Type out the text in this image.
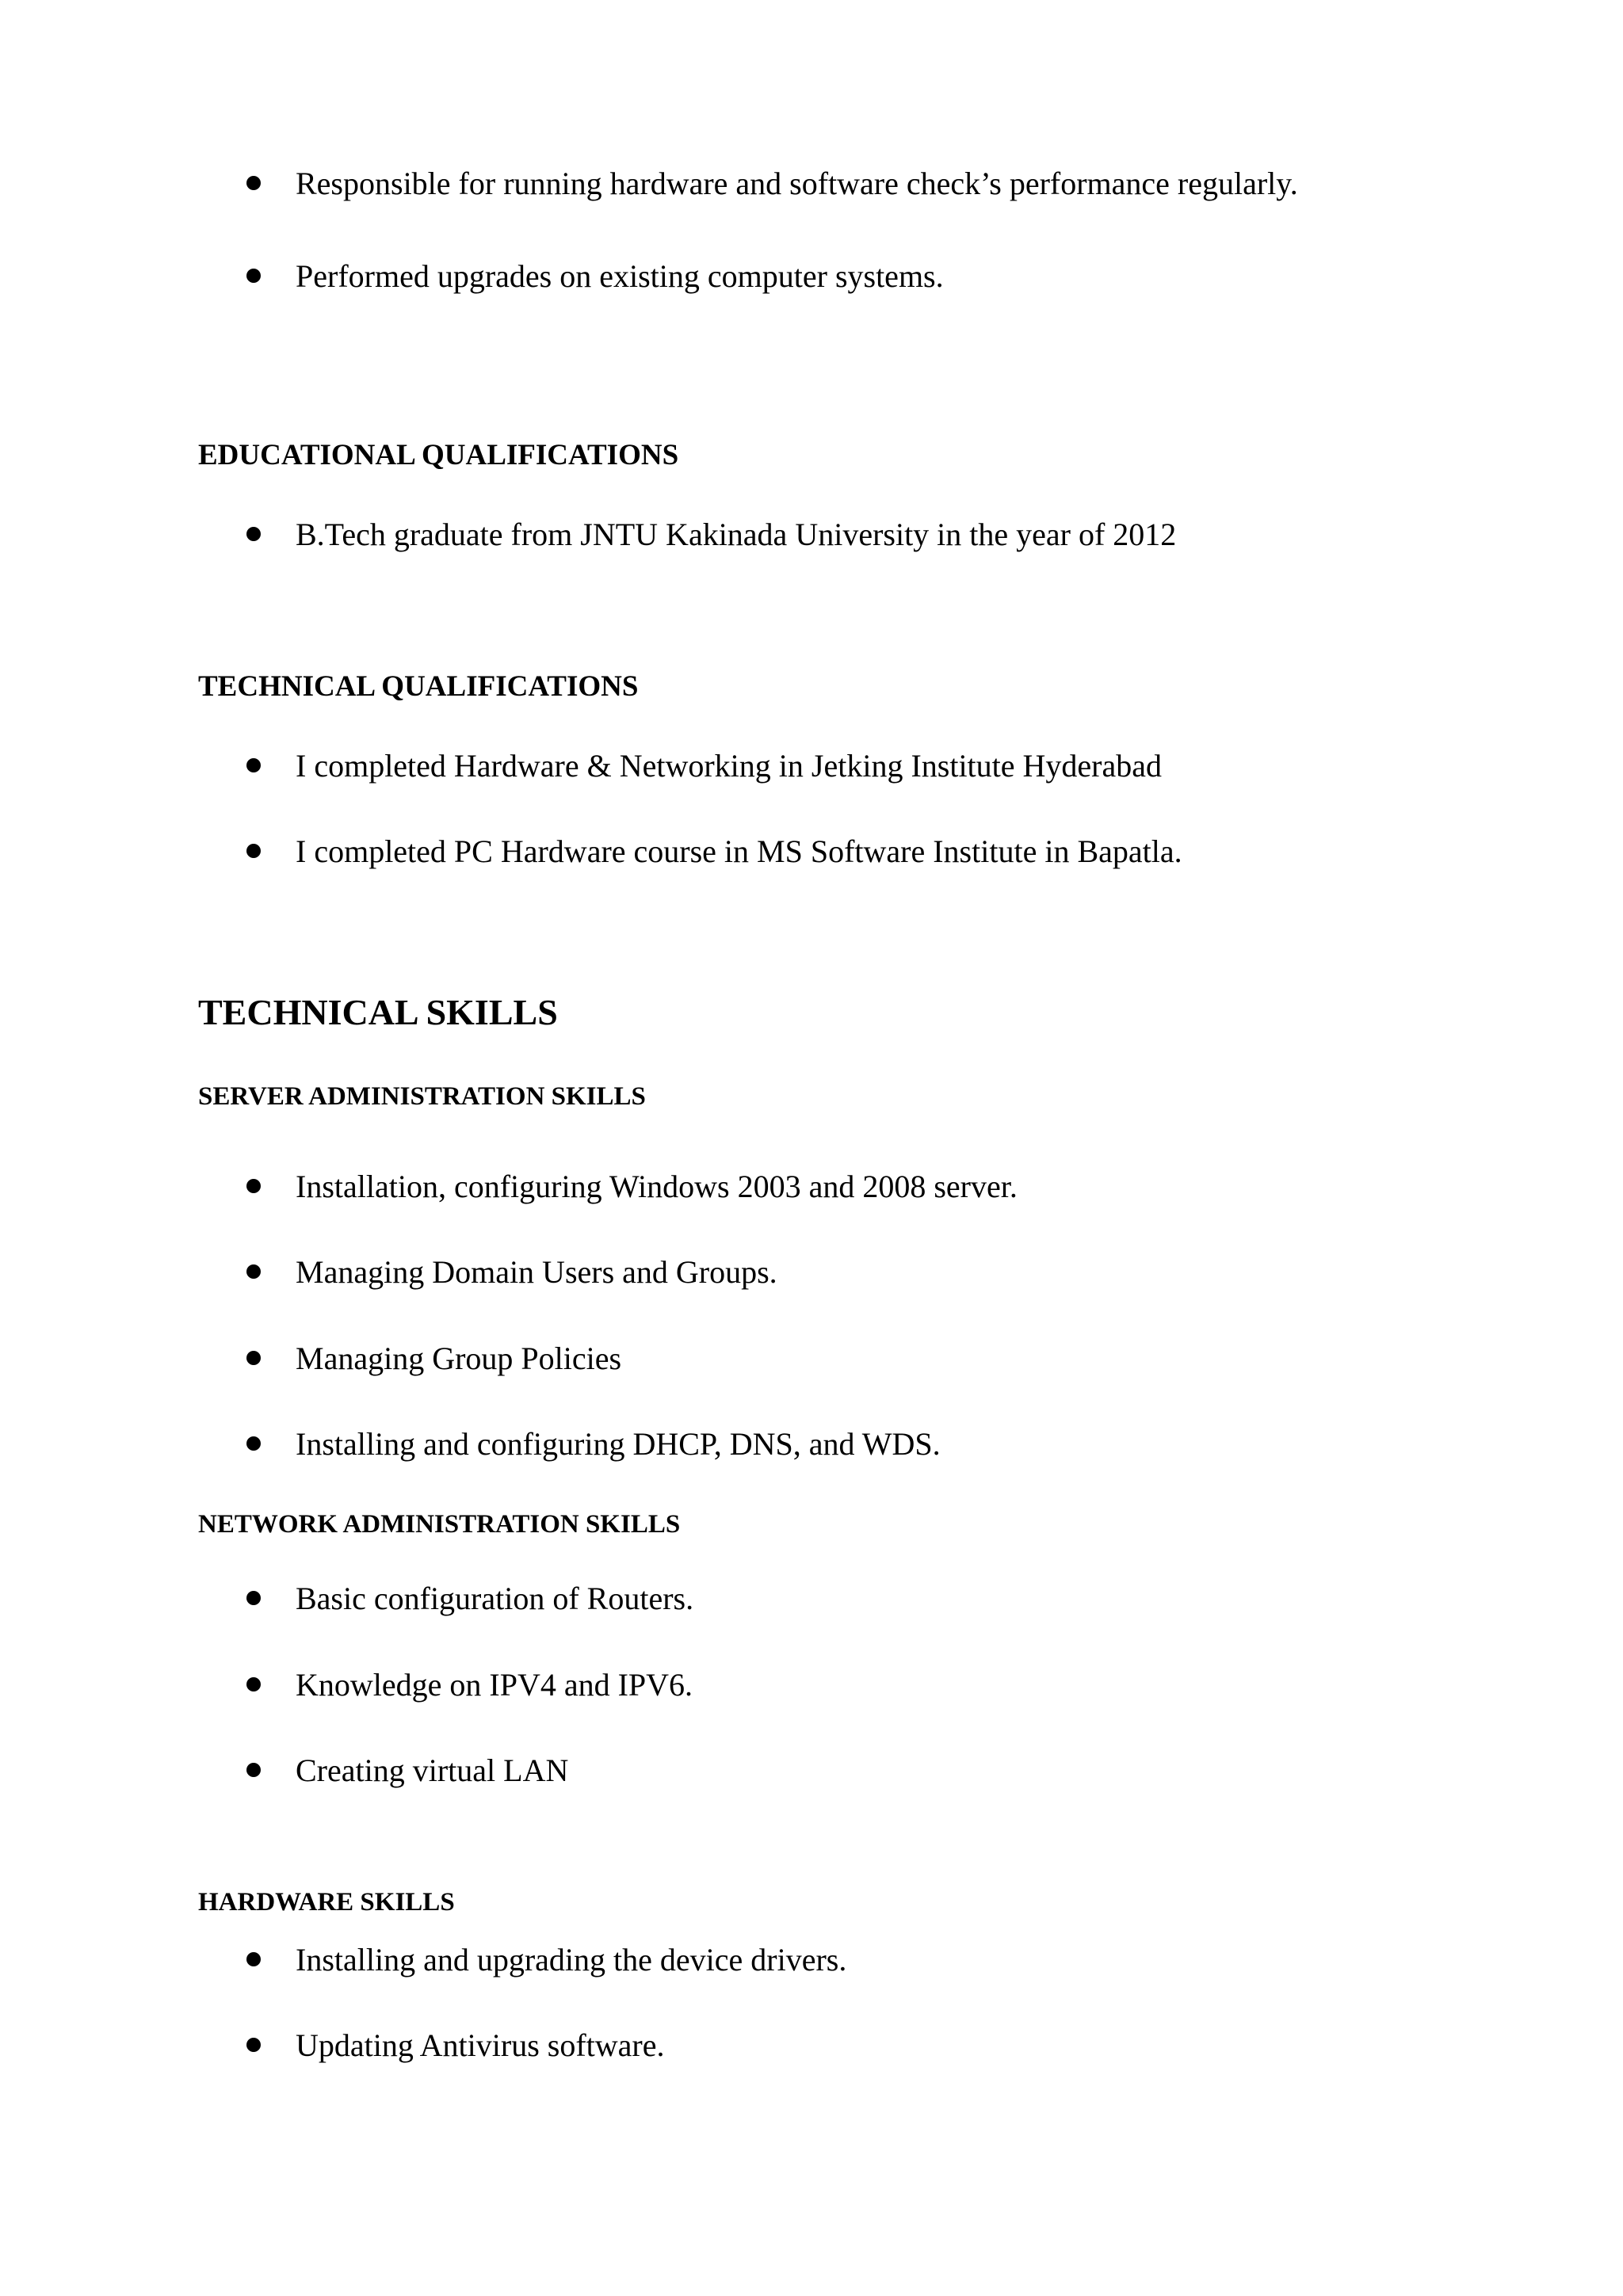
Responsible for running hardware and software check’s performance regularly.
Performed upgrades on existing computer systems.
EDUCATIONAL QUALIFICATIONS
B.Tech graduate from JNTU Kakinada University in the year of 2012
TECHNICAL QUALIFICATIONS
I completed Hardware & Networking in Jetking Institute Hyderabad
I completed PC Hardware course in MS Software Institute in Bapatla.
TECHNICAL SKILLS
SERVER ADMINISTRATION SKILLS
Installation, configuring Windows 2003 and 2008 server.
Managing Domain Users and Groups.
Managing Group Policies
Installing and configuring DHCP, DNS, and WDS.
NETWORK ADMINISTRATION SKILLS
Basic configuration of Routers.
Knowledge on IPV4 and IPV6.
Creating virtual LAN
HARDWARE SKILLS
Installing and upgrading the device drivers.
Updating Antivirus software.
